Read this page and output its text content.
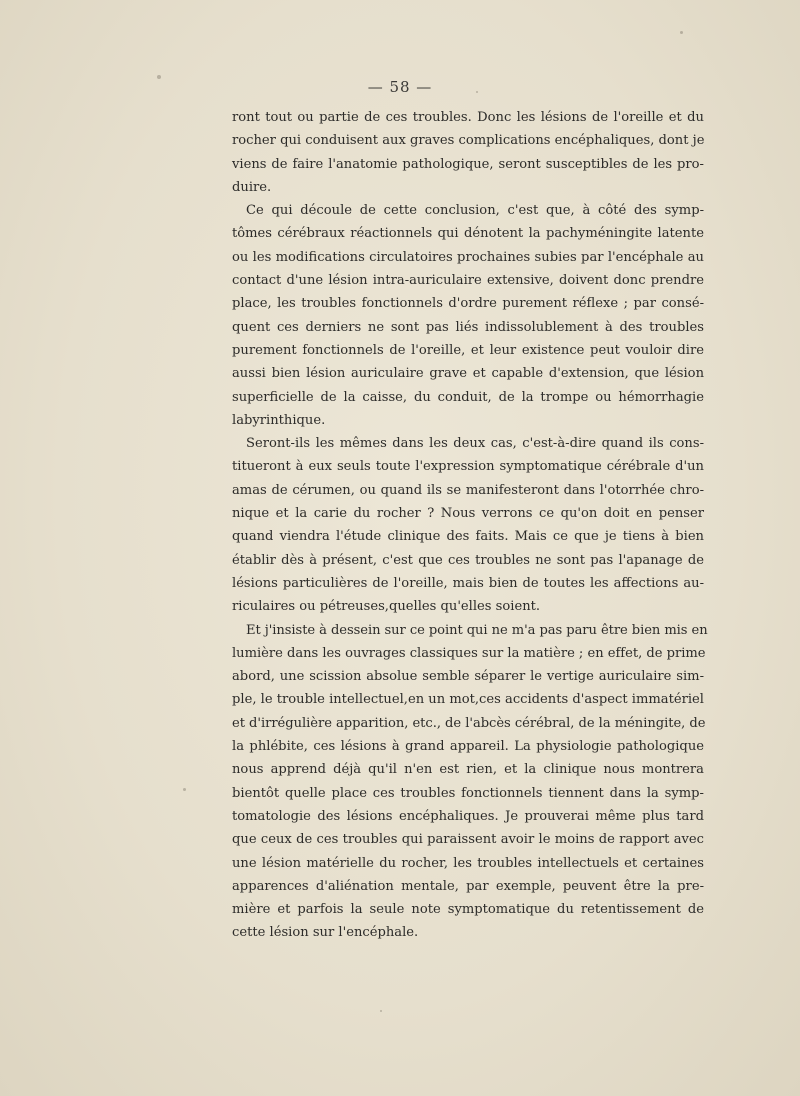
— 58 —
ront tout ou partie de ces troubles. Donc les lésions de l'oreille et du
rocher qui conduisent aux graves complications encéphaliques, dont je
viens de faire l'anatomie pathologique, seront susceptibles de les pro-
duire.
Ce qui découle de cette conclusion, c'est que, à côté des symp-
tômes cérébraux réactionnels qui dénotent la pachyméningite latente
ou les modifications circulatoires prochaines subies par l'encéphale au
contact d'une lésion intra-auriculaire extensive, doivent donc prendre
place, les troubles fonctionnels d'ordre purement réflexe ; par consé-
quent ces derniers ne sont pas liés indissolublement à des troubles
purement fonctionnels de l'oreille, et leur existence peut vouloir dire
aussi bien lésion auriculaire grave et capable d'extension, que lésion
superficielle de la caisse, du conduit, de la trompe ou hémorrhagie
labyrinthique.
Seront-ils les mêmes dans les deux cas, c'est-à-dire quand ils cons-
titueront à eux seuls toute l'expression symptomatique cérébrale d'un
amas de cérumen, ou quand ils se manifesteront dans l'otorrhée chro-
nique et la carie du rocher ? Nous verrons ce qu'on doit en penser
quand viendra l'étude clinique des faits. Mais ce que je tiens à bien
établir dès à présent, c'est que ces troubles ne sont pas l'apanage de
lésions particulières de l'oreille, mais bien de toutes les affections au-
riculaires ou pétreuses,quelles qu'elles soient.
Et j'insiste à dessein sur ce point qui ne m'a pas paru être bien mis en
lumière dans les ouvrages classiques sur la matière ; en effet, de prime
abord, une scission absolue semble séparer le vertige auriculaire sim-
ple, le trouble intellectuel,en un mot,ces accidents d'aspect immatériel
et d'irrégulière apparition, etc., de l'abcès cérébral, de la méningite, de
la phlébite, ces lésions à grand appareil. La physiologie pathologique
nous apprend déjà qu'il n'en est rien, et la clinique nous montrera
bientôt quelle place ces troubles fonctionnels tiennent dans la symp-
tomatologie des lésions encéphaliques. Je prouverai même plus tard
que ceux de ces troubles qui paraissent avoir le moins de rapport avec
une lésion matérielle du rocher, les troubles intellectuels et certaines
apparences d'aliénation mentale, par exemple, peuvent être la pre-
mière et parfois la seule note symptomatique du retentissement de
cette lésion sur l'encéphale.
